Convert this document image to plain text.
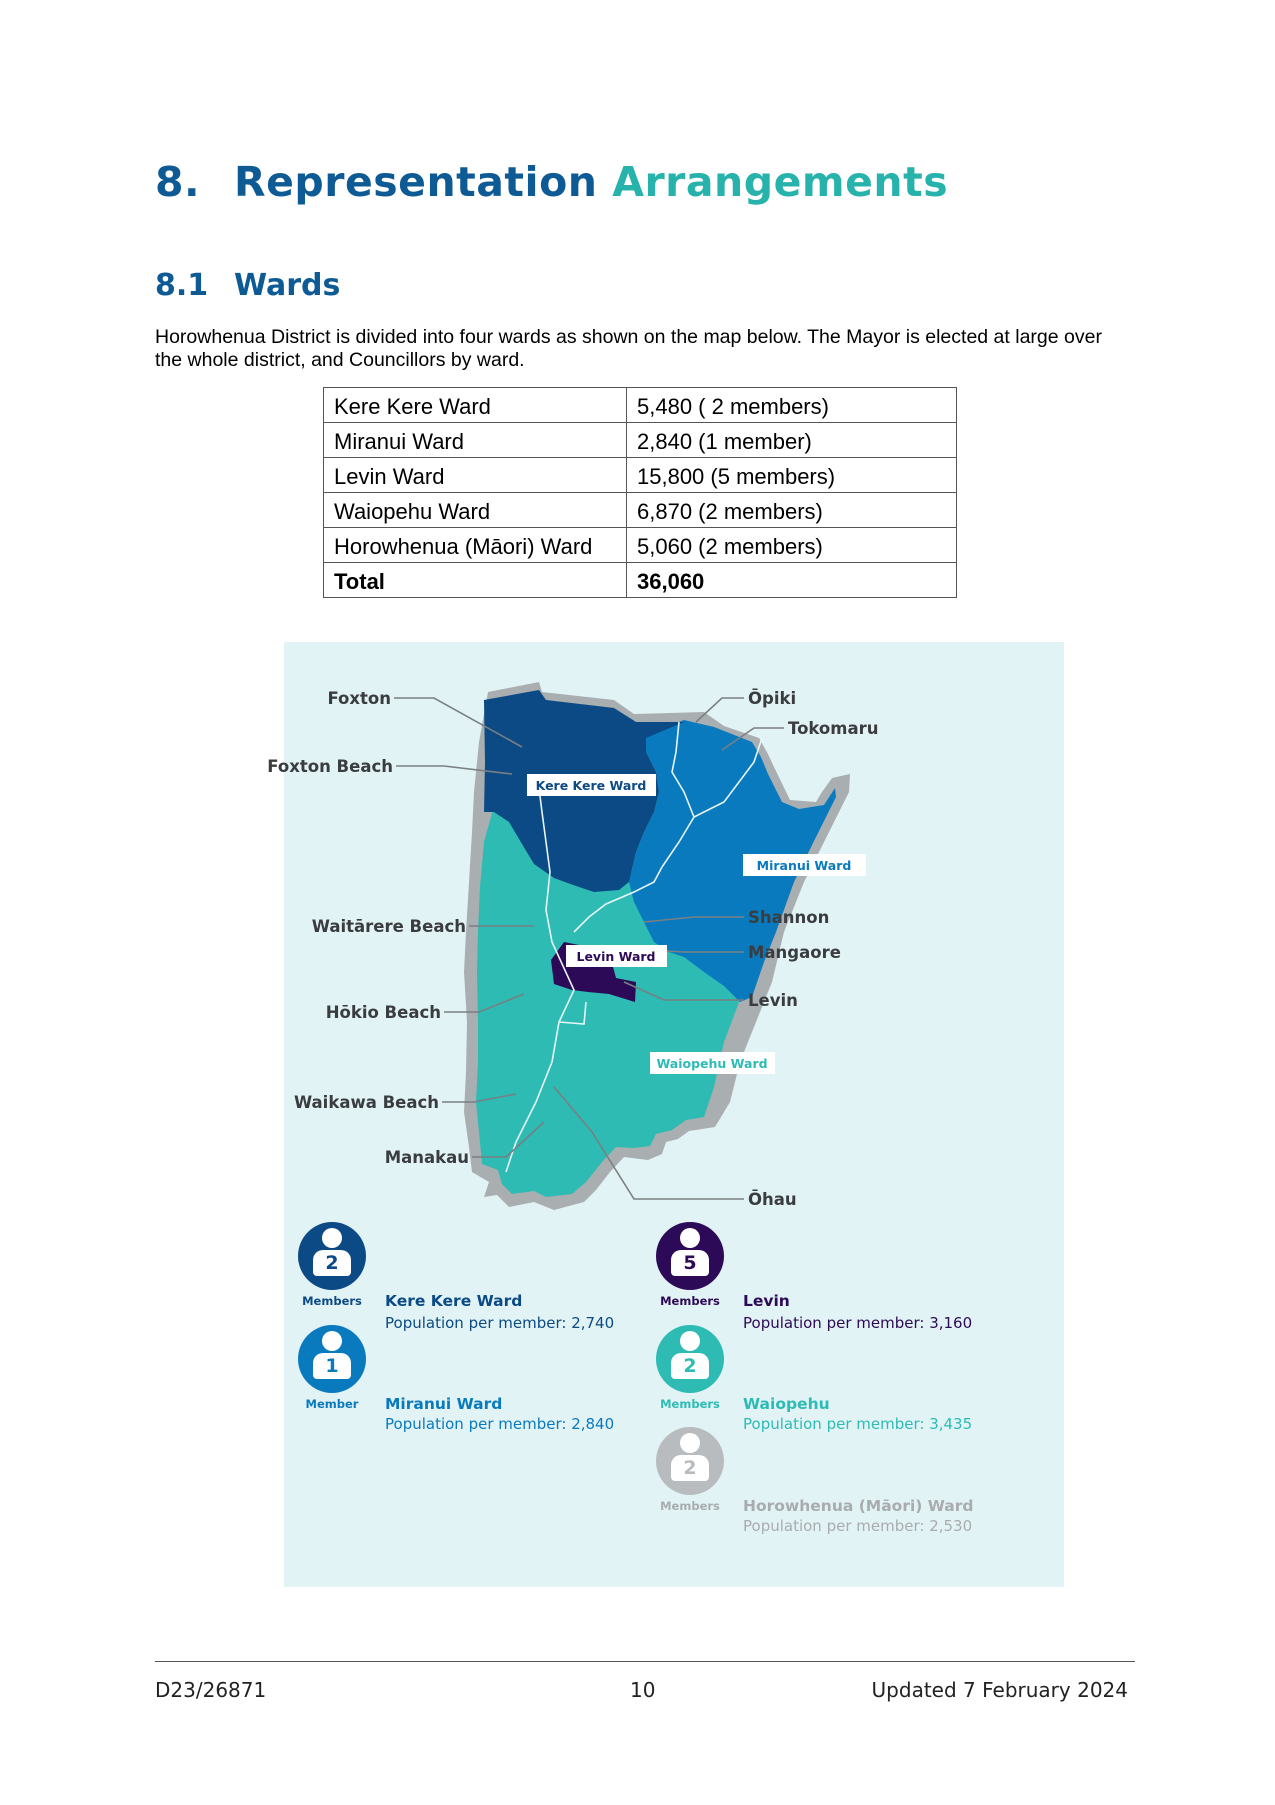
8. Representation Arrangements
8.1 Wards
Horowhenua District is divided into four wards as shown on the map below. The Mayor is elected at large over the whole district, and Councillors by ward.
Kere Kere Ward	5,480 ( 2 members)
Miranui Ward	2,840 (1 member)
Levin Ward	15,800 (5 members)
Waiopehu Ward	6,870 (2 members)
Horowhenua (Māori) Ward	5,060 (2 members)
Total	36,060
Kere Kere Ward
Miranui Ward
Levin Ward
Waiopehu Ward
Foxton
Foxton Beach
Waitārere Beach
Hōkio Beach
Waikawa Beach
Manakau
Ōpiki
Tokomaru
Shannon
Mangaore
Levin
Ōhau
2
Members Kere Kere Ward
Population per member: 2,740
5
Members Levin
Population per member: 3,160
1
Member	Miranui Ward
Population per member: 2,840
2
Members Waiopehu
Population per member: 3,435
2
Members Horowhenua (Māori) Ward
Population per member: 2,530
D23/26871	10	Updated 7 February 2024
